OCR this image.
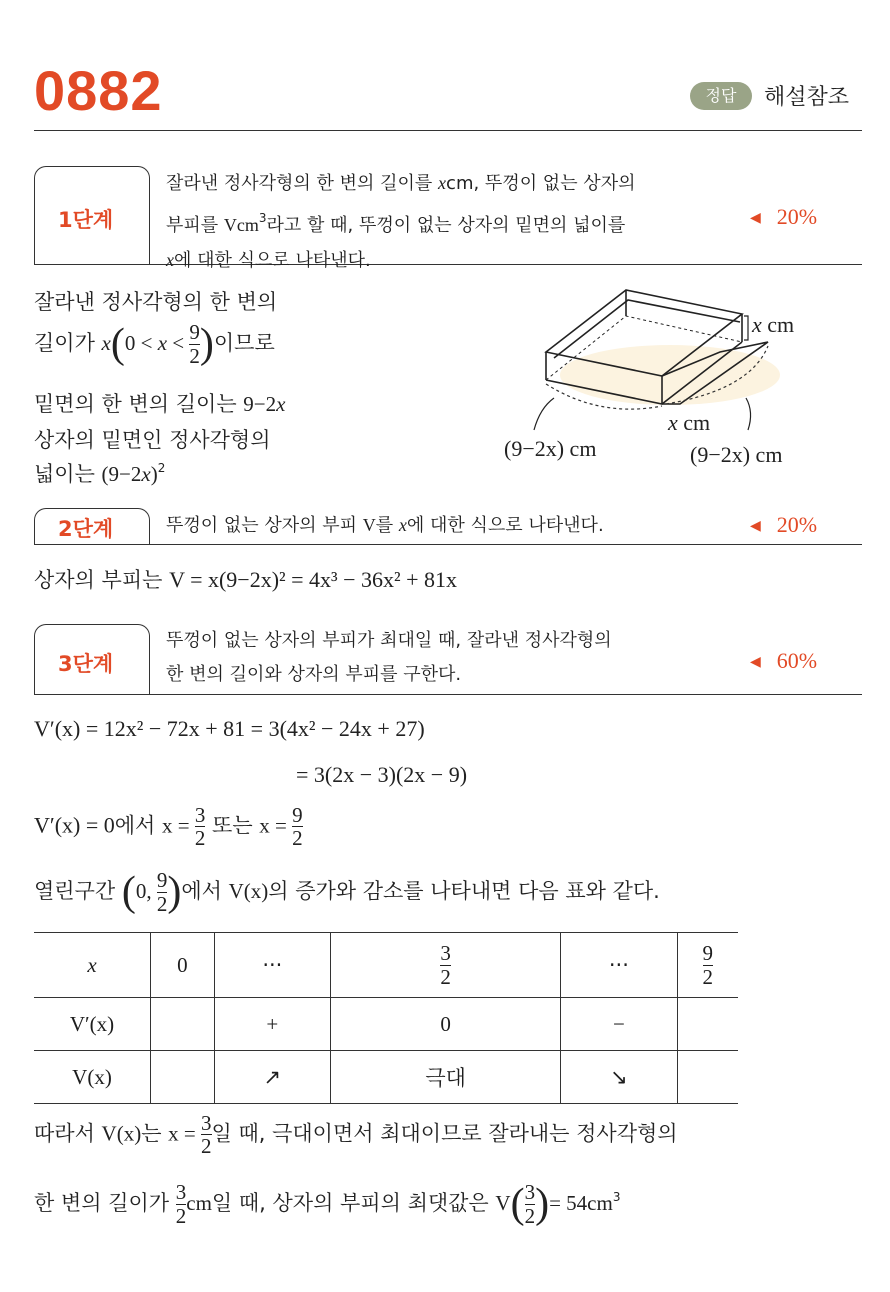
0882	정답	해설참조
1단계
잘라낸 정사각형의 한 변의 길이를 xcm, 뚜껑이 없는 상자의
부피를 Vcm$^3$라고 할 때, 뚜껑이 없는 상자의 밑면의 넓이를
x에 대한 식으로 나타낸다.
◀ 20%
잘라낸 정사각형의 한 변의
길이가 $x(0 < x < \frac{9}{2}$ )이므로
밑면의 한 변의 길이는 9−2x
상자의 밑면인 정사각형의
넓이는 $(9-2x)^2$
x cm
x cm
(9−2x) cm	(9−2x) cm
2단계	뚜껑이 없는 상자의 부피 V를 x에 대한 식으로 나타낸다.	◀ 20%
상자의 부피는 V = x(9−2x)² = 4x³ − 36x² + 81x
3단계
뚜껑이 없는 상자의 부피가 최대일 때, 잘라낸 정사각형의
한 변의 길이와 상자의 부피를 구한다.
◀ 60%
V′(x) = 12x² − 72x + 81 = 3(4x² − 24x + 27)
= 3(2x − 3)(2x − 9)
V′(x) = 0에서 $x = \frac{3}{2}$ 또는 $x = \frac{9}{2}$
열린구간 (0, $\frac{9}{2}$ )에서 V(x)의 증가와 감소를 나타내면 다음 표와 같다.
x	0	···	$\frac{3}{2}$	···	$\frac{9}{2}$

V′(x)		+	0	−	
V(x)		↗	극대	↘	
따라서 V(x)는 $x = \frac{3}{2}$ 일 때, 극대이면서 최대이므로 잘라내는 정사각형의
한 변의 길이가 $\frac{3}{2}$ cm일 때, 상자의 부피의 최댓값은 $V( \frac{3}{2}$ )= $54cm^3$
